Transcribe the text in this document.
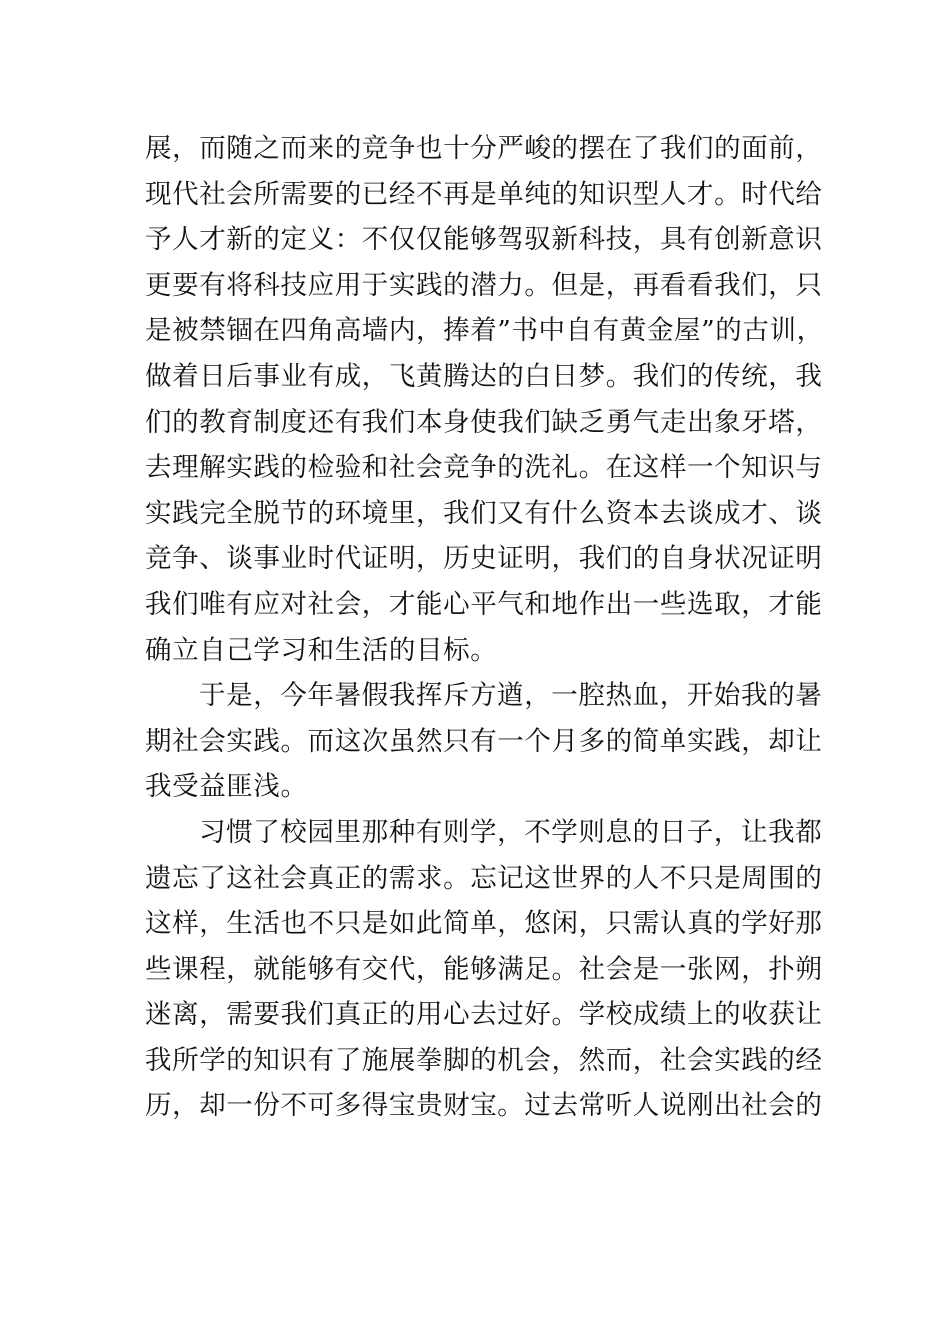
展，而随之而来的竞争也十分严峻的摆在了我们的面前，
现代社会所需要的已经不再是单纯的知识型人才。时代给
予人才新的定义：不仅仅能够驾驭新科技，具有创新意识
更要有将科技应用于实践的潜力。但是，再看看我们，只
是被禁锢在四角高墙内，捧着”书中自有黄金屋”的古训，
做着日后事业有成，飞黄腾达的白日梦。我们的传统，我
们的教育制度还有我们本身使我们缺乏勇气走出象牙塔，
去理解实践的检验和社会竞争的洗礼。在这样一个知识与
实践完全脱节的环境里，我们又有什么资本去谈成才、谈
竞争、谈事业时代证明，历史证明，我们的自身状况证明
我们唯有应对社会，才能心平气和地作出一些选取，才能
确立自己学习和生活的目标。
于是，今年暑假我挥斥方遒，一腔热血，开始我的暑
期社会实践。而这次虽然只有一个月多的简单实践，却让
我受益匪浅。
习惯了校园里那种有则学，不学则息的日子，让我都
遗忘了这社会真正的需求。忘记这世界的人不只是周围的
这样，生活也不只是如此简单，悠闲，只需认真的学好那
些课程，就能够有交代，能够满足。社会是一张网，扑朔
迷离，需要我们真正的用心去过好。学校成绩上的收获让
我所学的知识有了施展拳脚的机会，然而，社会实践的经
历，却一份不可多得宝贵财宝。过去常听人说刚出社会的
